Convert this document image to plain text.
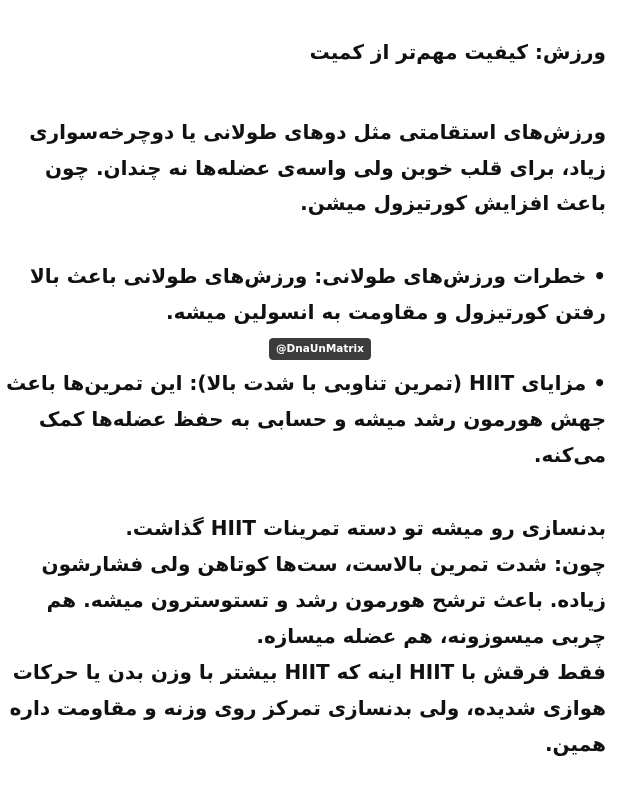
ورزش: کیفیت مهم‌تر از کمیت

ورزش‌های استقامتی مثل دوهای طولانی یا دوچرخه‌سواری

زیاد، برای قلب خوبن ولی واسه‌ی عضله‌ها نه چندان. چون

باعث افزایش کورتیزول میشن.

• خطرات ورزش‌های طولانی: ورزش‌های طولانی باعث بالا

رفتن کورتیزول و مقاومت به انسولین میشه.

@DnaUnMatrix

• مزایای HIIT (تمرین تناوبی با شدت بالا): این تمرین‌ها باعث

جهش هورمون رشد میشه و حسابی به حفظ عضله‌ها کمک

می‌کنه.

بدنسازی رو میشه تو دسته تمرینات HIIT گذاشت.

چون: شدت تمرین بالاست، ست‌ها کوتاهن ولی فشارشون

زیاده. باعث ترشح هورمون رشد و تستوسترون میشه. هم

چربی میسوزونه، هم عضله میسازه.

فقط فرقش با HIIT اینه که HIIT بیشتر با وزن بدن یا حرکات

هوازی شدیده، ولی بدنسازی تمرکز روی وزنه و مقاومت داره

همین.
